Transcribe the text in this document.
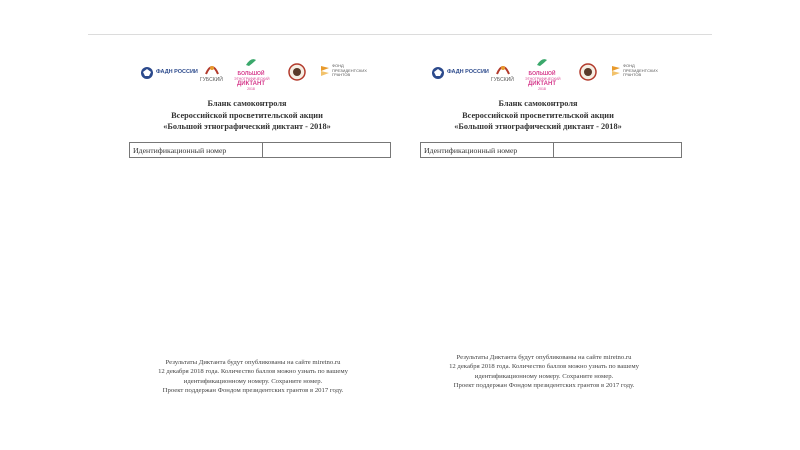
ФАДН РОССИИ
ГУБСКИЙ
БОЛЬШОЙ
ЭТНОГРАФИЧЕСКИЙ
ДИКТАНТ
2018
ФОНД
ПРЕЗИДЕНТСКИХ
ГРАНТОВ
Бланк самоконтроля
Всероссийской просветительской акции
«Большой этнографический диктант - 2018»
Идентификационный номер
Результаты Диктанта будут опубликованы на сайте miretno.ru
12 декабря 2018 года. Количество баллов можно узнать по вашему
идентификационному номеру. Сохраните номер.
Проект поддержан Фондом президентских грантов в 2017 году.
ФАДН РОССИИ
ГУБСКИЙ
БОЛЬШОЙ
ЭТНОГРАФИЧЕСКИЙ
ДИКТАНТ
2018
ФОНД
ПРЕЗИДЕНТСКИХ
ГРАНТОВ
Бланк самоконтроля
Всероссийской просветительской акции
«Большой этнографический диктант - 2018»
Идентификационный номер
Результаты Диктанта будут опубликованы на сайте miretno.ru
12 декабря 2018 года. Количество баллов можно узнать по вашему
идентификационному номеру. Сохраните номер.
Проект поддержан Фондом президентских грантов в 2017 году.
